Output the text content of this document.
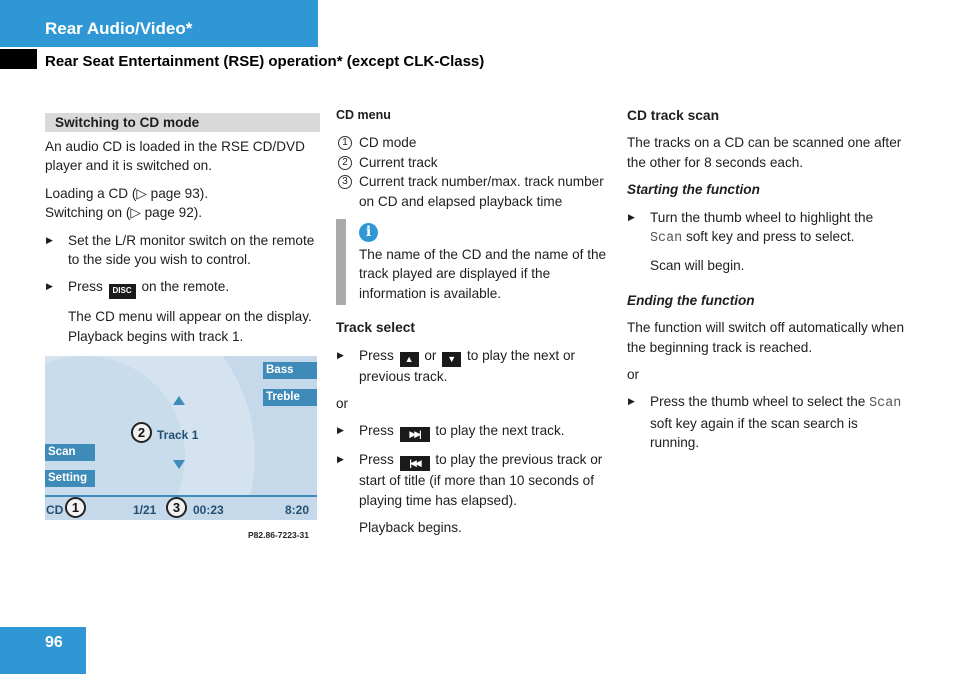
Rear Audio/Video*
Rear Seat Entertainment (RSE) operation* (except CLK-Class)
Switching to CD mode

An audio CD is loaded in the RSE CD/DVD player and it is switched on.

Loading a CD (▷ page 93).

Switching on (▷ page 92).

▶ Set the L/R monitor switch on the remote to the side you wish to control.

▶ Press DISC on the remote.

The CD menu will appear on the display. Playback begins with track 1.

Bass
Treble
Scan
Setting
2 Track 1
CD 1	1/21	3	00:23	8:20
P82.86-7223-31

CD menu

1 CD mode
2 Current track
3 Current track number/max. track number on CD and elapsed playback time
i

The name of the CD and the name of the track played are displayed if the information is available.

Track select

▶ Press ▲ or ▼ to play the next or previous track.

or

▶ Press ▶▶| to play the next track.

▶ Press |◀◀ to play the previous track or start of title (if more than 10 seconds of playing time has elapsed).

Playback begins.

CD track scan

The tracks on a CD can be scanned one after the other for 8 seconds each.

Starting the function

▶ Turn the thumb wheel to highlight the Scan soft key and press to select.

Scan will begin.

Ending the function

The function will switch off automatically when the beginning track is reached.

or

▶ Press the thumb wheel to select the Scan soft key again if the scan search is running.

96
